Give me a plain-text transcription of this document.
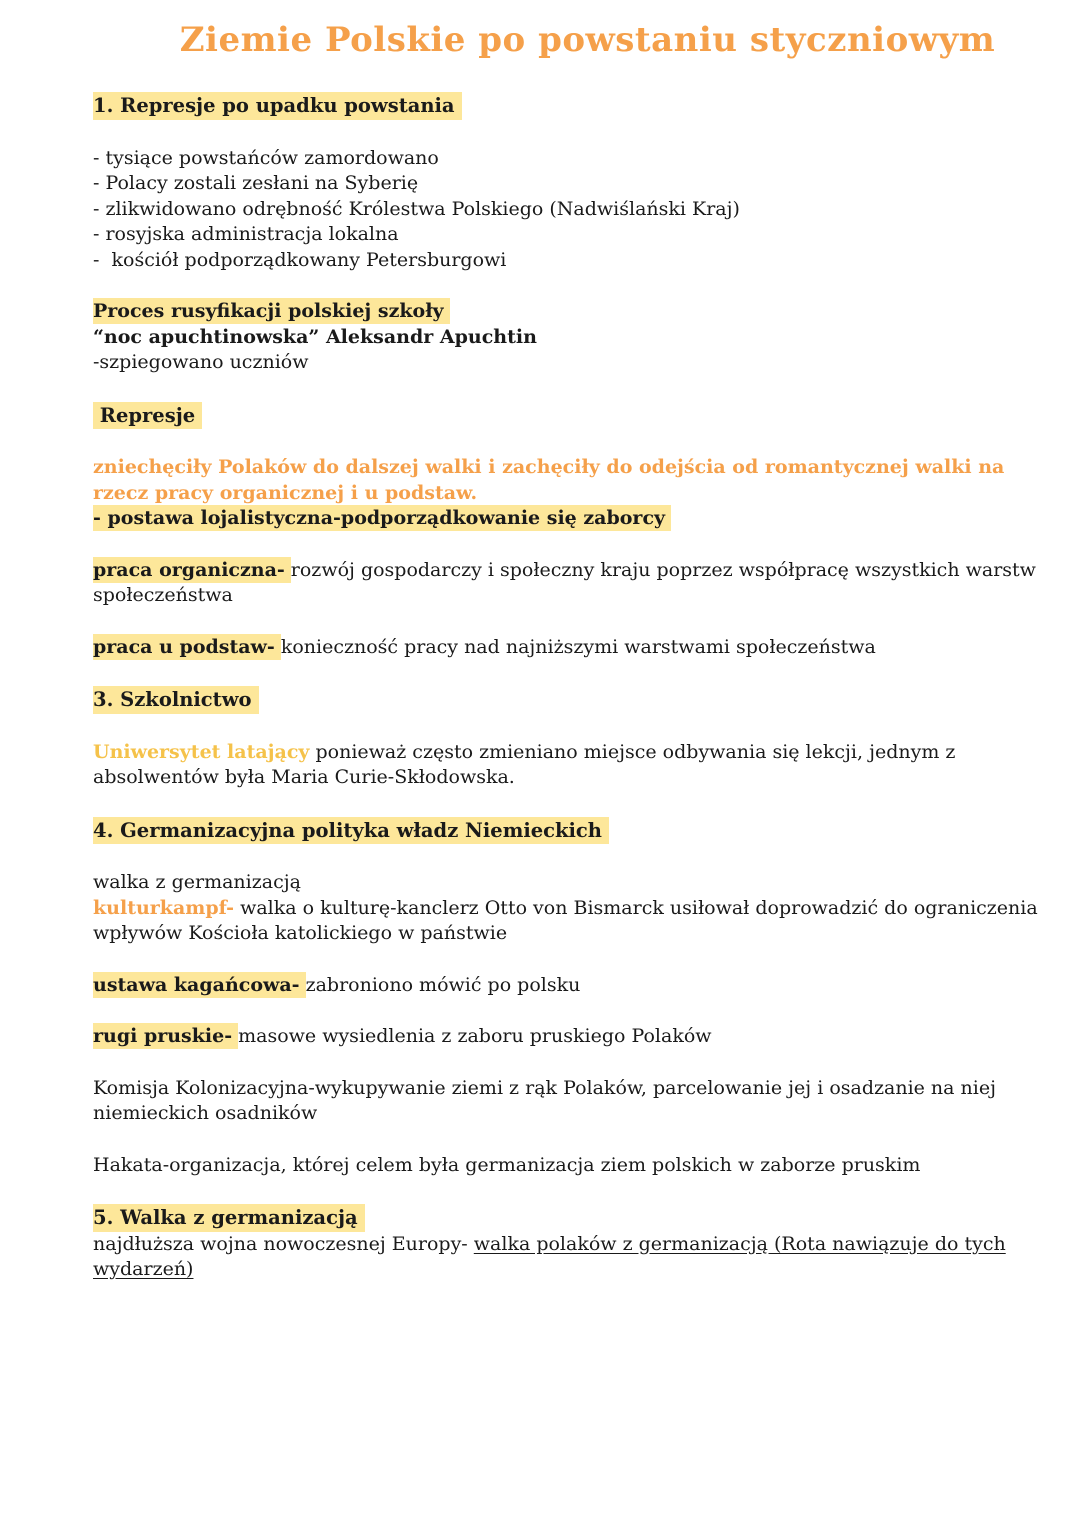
Ziemie Polskie po powstaniu styczniowym
1. Represje po upadku powstania

- tysiące powstańców zamordowano

- Polacy zostali zesłani na Syberię

- zlikwidowano odrębność Królestwa Polskiego (Nadwiślański Kraj)

- rosyjska administracja lokalna

-  kościół podporządkowany Petersburgowi

Proces rusyfikacji polskiej szkoły

“noc apuchtinowska” Aleksandr Apuchtin

-szpiegowano uczniów

Represje

zniechęciły Polaków do dalszej walki i zachęciły do odejścia od romantycznej walki na rzecz pracy organicznej i u podstaw.

- postawa lojalistyczna-podporządkowanie się zaborcy

praca organiczna- rozwój gospodarczy i społeczny kraju poprzez współpracę wszystkich warstw społeczeństwa

praca u podstaw- konieczność pracy nad najniższymi warstwami społeczeństwa

3. Szkolnictwo

Uniwersytet latający ponieważ często zmieniano miejsce odbywania się lekcji, jednym z absolwentów była Maria Curie-Skłodowska.

4. Germanizacyjna polityka władz Niemieckich

walka z germanizacją

kulturkampf- walka o kulturę-kanclerz Otto von Bismarck usiłował doprowadzić do ograniczenia wpływów Kościoła katolickiego w państwie

ustawa kagańcowa- zabroniono mówić po polsku

rugi pruskie- masowe wysiedlenia z zaboru pruskiego Polaków

Komisja Kolonizacyjna-wykupywanie ziemi z rąk Polaków, parcelowanie jej i osadzanie na niej niemieckich osadników

Hakata-organizacja, której celem była germanizacja ziem polskich w zaborze pruskim

5. Walka z germanizacją

najdłuższa wojna nowoczesnej Europy- walka polaków z germanizacją (Rota nawiązuje do tych wydarzeń)
